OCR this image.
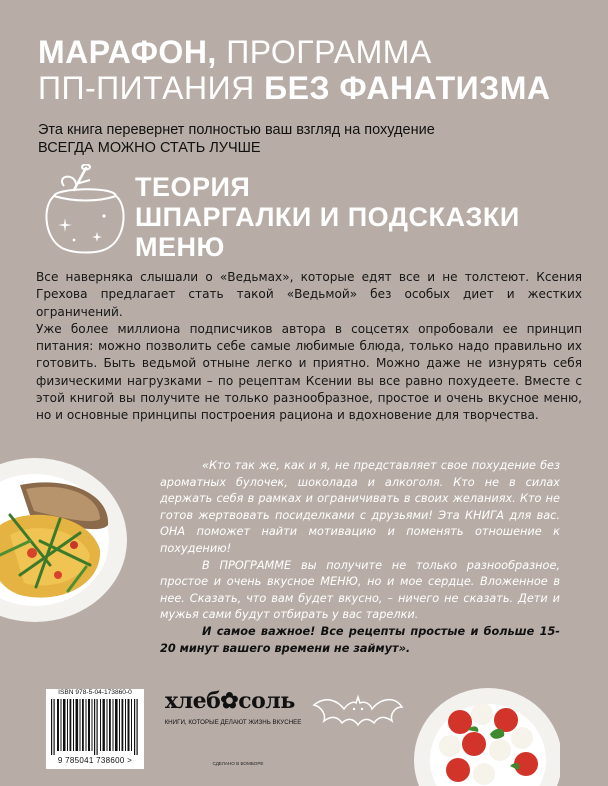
МАРАФОН, ПРОГРАММА
ПП-ПИТАНИЯ БЕЗ ФАНАТИЗМА
Эта книга перевернет полностью ваш взгляд на похудение
ВСЕГДА МОЖНО СТАТЬ ЛУЧШЕ
ТЕОРИЯ
ШПАРГАЛКИ И ПОДСКАЗКИ
МЕНЮ

Все наверняка слышали о «Ведьмах», которые едят все и не толстеют. Ксения Грехова предлагает стать такой «Ведьмой» без особых диет и жестких ограничений.

Уже более миллиона подписчиков автора в соцсетях опробовали ее принцип питания: можно позволить себе самые любимые блюда, только надо правильно их готовить. Быть ведьмой отныне легко и приятно. Можно даже не изнурять себя физическими нагрузками – по рецептам Ксении вы все равно похудеете. Вместе с этой книгой вы получите не только разнообразное, простое и очень вкусное меню, но и основные принципы построения рациона и вдохновение для творчества.

«Кто так же, как и я, не представляет свое похудение без ароматных булочек, шоколада и алкоголя. Кто не в силах держать себя в рамках и ограничивать в своих желаниях. Кто не готов жертвовать посиделками с друзьями! Эта КНИГА для вас. ОНА поможет найти мотивацию и поменять отношение к похудению!

В ПРОГРАММЕ вы получите не только разнообразное, простое и очень вкусное МЕНЮ, но и мое сердце. Вложенное в нее. Сказать, что вам будет вкусно, – ничего не сказать. Дети и мужья сами будут отбирать у вас тарелки.

И самое важное! Все рецепты простые и больше 15-20 минут вашего времени не займут».

ISBN 978-5-04-173860-0
9 785041 738600 >
хлеб✿соль
КНИГИ, КОТОРЫЕ ДЕЛАЮТ ЖИЗНЬ ВКУСНЕЕ
СДЕЛАНО В БОМБОРЕ
